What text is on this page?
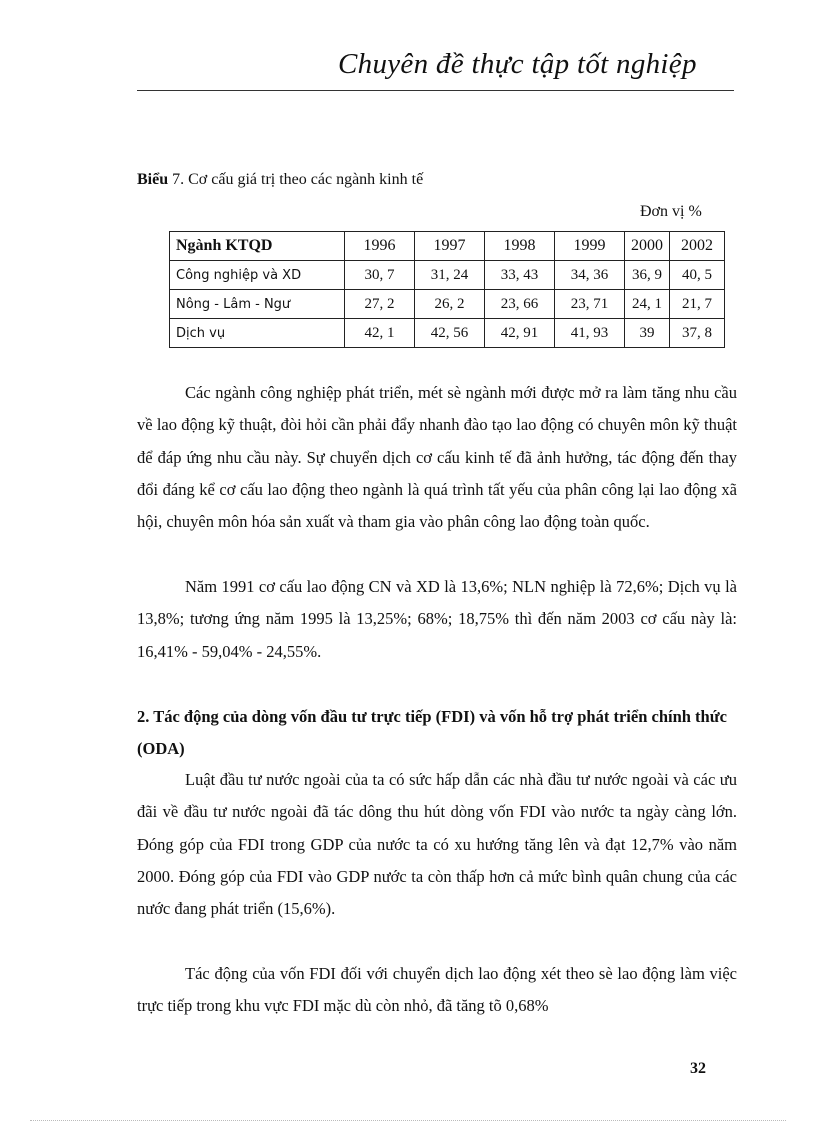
Chuyên đề thực tập tốt nghiệp
Biểu 7. Cơ cấu giá trị theo các ngành kinh tế
Đơn vị %
Ngành KTQD	1996	1997	1998	1999	2000	2002
Công nghiệp và XD	30, 7	31, 24	33, 43	34, 36	36, 9	40, 5
Nông - Lâm - Ngư	27, 2	26, 2	23, 66	23, 71	24, 1	21, 7
Dịch vụ	42, 1	42, 56	42, 91	41, 93	39	37, 8

Các ngành công nghiệp phát triển, mét sè ngành mới được mở ra làm tăng nhu cầu về lao động kỹ thuật, đòi hỏi cần phải đẩy nhanh đào tạo lao động có chuyên môn kỹ thuật để đáp ứng nhu cầu này. Sự chuyển dịch cơ cấu kinh tế đã ảnh hưởng, tác động đến thay đổi đáng kể cơ cấu lao động theo ngành là quá trình tất yếu của phân công lại lao động xã hội, chuyên môn hóa sản xuất và tham gia vào phân công lao động toàn quốc.

Năm 1991 cơ cấu lao động CN và XD là 13,6%; NLN nghiệp là 72,6%; Dịch vụ là 13,8%; tương ứng năm 1995 là 13,25%; 68%; 18,75% thì đến năm 2003 cơ cấu này là: 16,41% - 59,04% - 24,55%.

2. Tác động của dòng vốn đầu tư trực tiếp (FDI) và vốn hỗ trợ phát triển chính thức (ODA)

Luật đầu tư nước ngoài của ta có sức hấp dẫn các nhà đầu tư nước ngoài và các ưu đãi về đầu tư nước ngoài đã tác dông thu hút dòng vốn FDI vào nước ta ngày càng lớn. Đóng góp của FDI trong GDP của nước ta có xu hướng tăng lên và đạt 12,7% vào năm 2000. Đóng góp của FDI vào GDP nước ta còn thấp hơn cả mức bình quân chung của các nước đang phát triển (15,6%).

Tác động của vốn FDI đối với chuyển dịch lao động xét theo sè lao động làm việc trực tiếp trong khu vực FDI mặc dù còn nhỏ, đã tăng tõ 0,68%

32
